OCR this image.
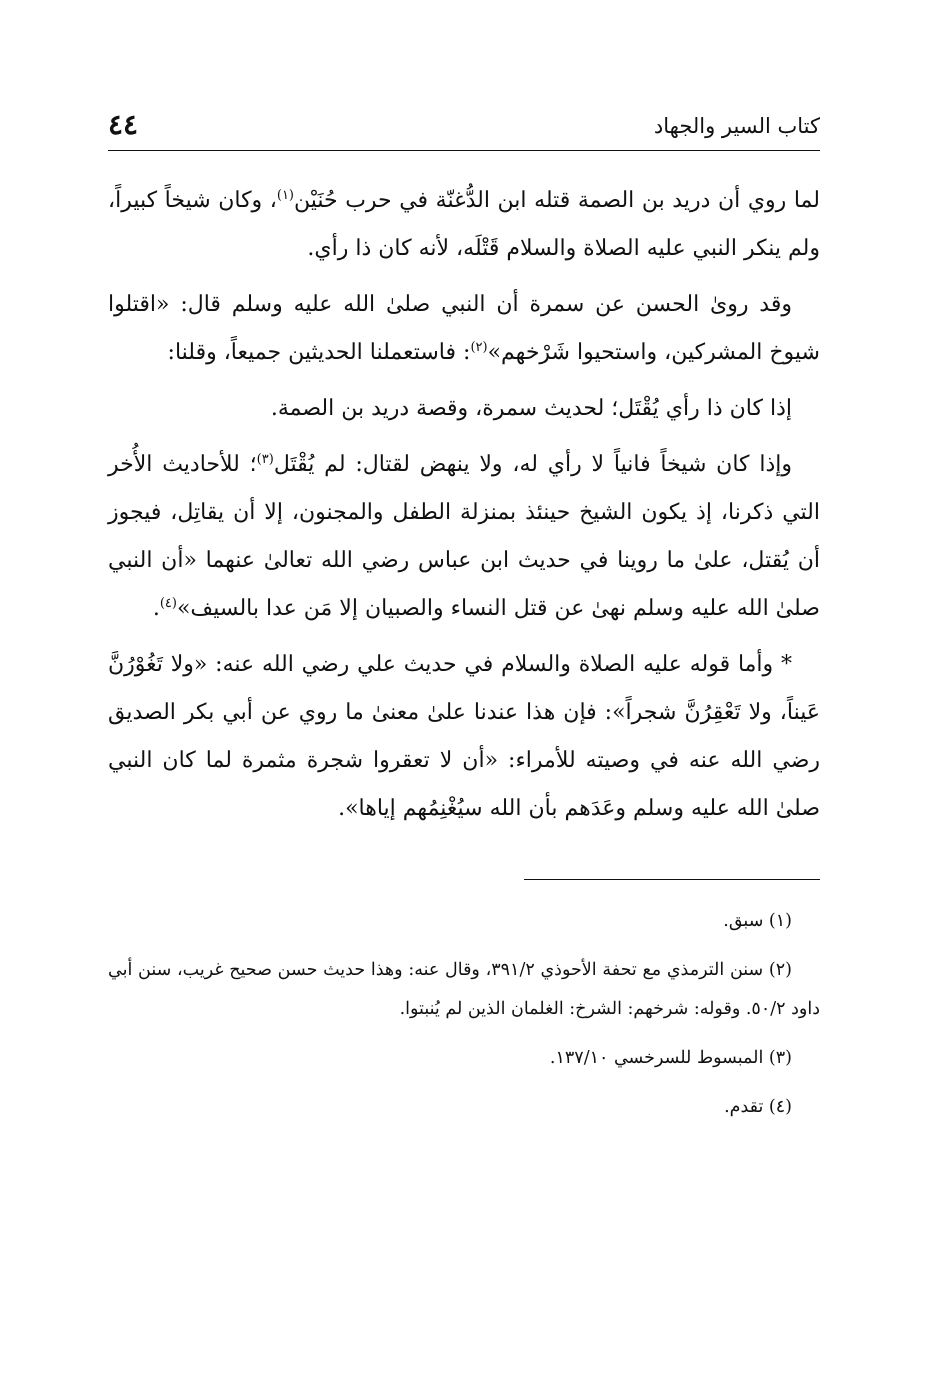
كتاب السير والجهاد
٤٤

لما روي أن دريد بن الصمة قتله ابن الدُّغنّة في حرب حُنَيْن$^{(١)}$، وكان شيخاً كبيراً، ولم ينكر النبي عليه الصلاة والسلام قَتْلَه، لأنه كان ذا رأي.

وقد رویٰ الحسن عن سمرة أن النبي صلیٰ الله علیه وسلم قال: «اقتلوا شیوخ المشرکین، واستحیوا شَرْخهم»$^{(٢)}$: فاستعملنا الحديثين جميعاً، وقلنا:

إذا كان ذا رأي يُقْتَل؛ لحديث سمرة، وقصة دريد بن الصمة.

وإذا كان شيخاً فانياً لا رأي له، ولا ينهض لقتال: لم يُقْتَل$^{(٣)}$؛ للأحاديث الأُخر التي ذكرنا، إذ يكون الشيخ حينئذ بمنزلة الطفل والمجنون، إلا أن يقاتِل، فيجوز أن يُقتل، علیٰ ما روینا في حدیث ابن عباس رضي الله تعالیٰ عنهما «أن النبي صلیٰ الله علیه وسلم نهیٰ عن قتل النساء والصبيان إلا مَن عدا بالسيف»$^{(٤)}$.

* وأما قوله عليه الصلاة والسلام في حديث علي رضي الله عنه: «ولا تَغُوْرُنَّ عَيناً، ولا تَعْقِرُنَّ شجراً»: فإن هذا عندنا علیٰ معنیٰ ما روي عن أبي بكر الصديق رضي الله عنه في وصيته للأمراء: «أن لا تعقروا شجرة مثمرة لما كان النبي صلیٰ الله علیه وسلم وعَدَهم بأن الله سيُغْنِمُهم إياها».

(١) سبق.

(٢) سنن الترمذي مع تحفة الأحوذي ٣٩١/٢، وقال عنه: وهذا حديث حسن صحيح غريب، سنن أبي داود ٥٠/٢. وقوله: شرخهم: الشرخ: الغلمان الذين لم يُنبتوا.

(٣) المبسوط للسرخسي ١٣٧/١٠.

(٤) تقدم.
